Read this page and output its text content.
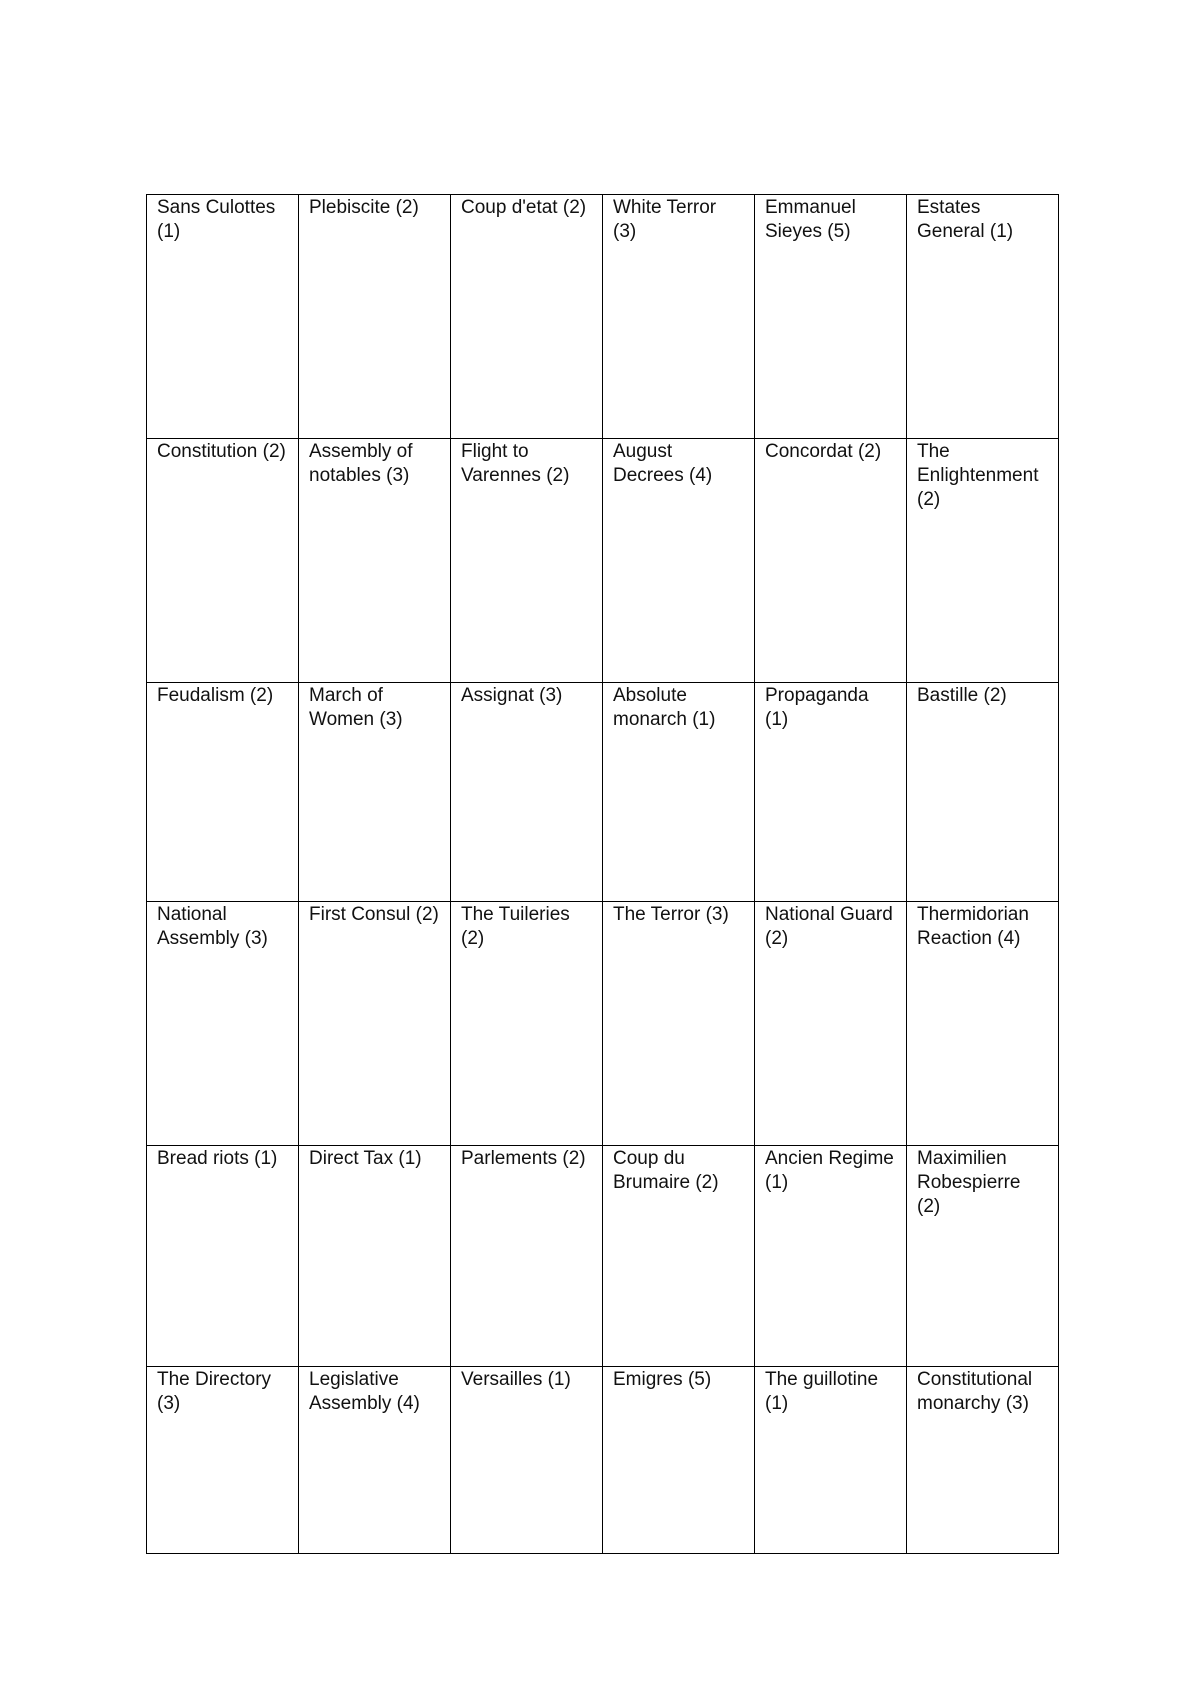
Sans Culottes (1)	Plebiscite (2)	Coup d'etat (2)	White Terror (3)	Emmanuel Sieyes (5)	Estates General (1)
Constitution (2)	Assembly of notables (3)	Flight to Varennes (2)	August Decrees (4)	Concordat (2)	The Enlightenment (2)
Feudalism (2)	March of Women (3)	Assignat (3)	Absolute monarch (1)	Propaganda (1)	Bastille (2)
National Assembly (3)	First Consul (2)	The Tuileries (2)	The Terror (3)	National Guard (2)	Thermidorian Reaction (4)
Bread riots (1)	Direct Tax (1)	Parlements (2)	Coup du Brumaire (2)	Ancien Regime (1)	Maximilien Robespierre (2)
The Directory (3)	Legislative Assembly (4)	Versailles (1)	Emigres (5)	The guillotine (1)	Constitutional monarchy (3)
